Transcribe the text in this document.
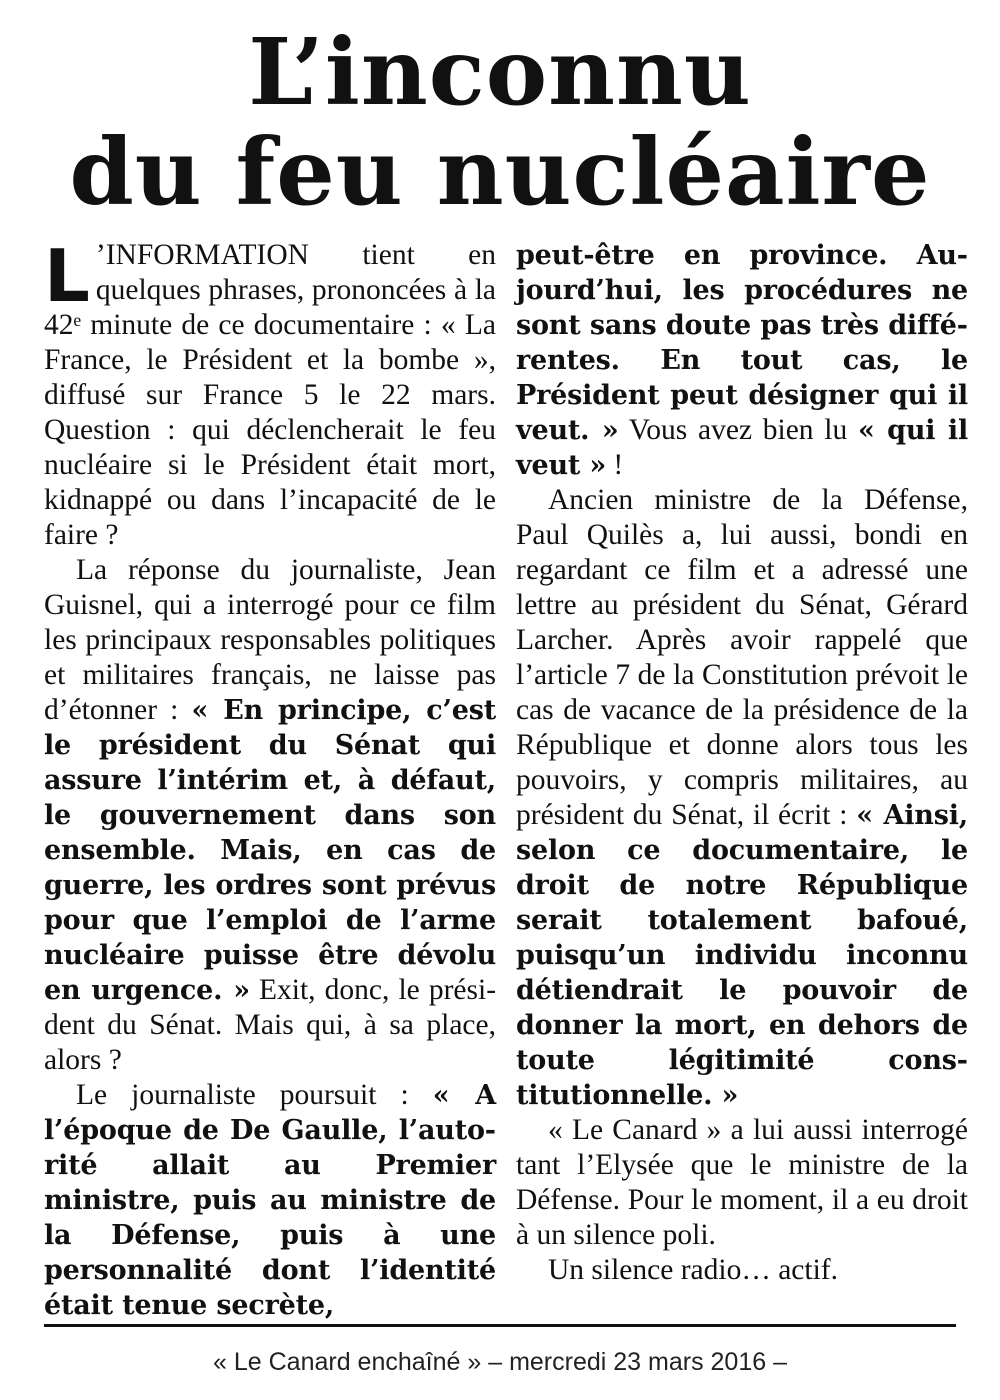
L’inconnu
du feu nucléaire

L ’INFORMATION tient en quelques phrases, prononcées à la 42ᵉ minute de ce documentaire : « La France, le Président et la bombe », diffusé sur France 5 le 22 mars. Question : qui déclencherait le feu nucléaire si le Président était mort, kidnappé ou dans l’incapacité de le faire ?

La réponse du journaliste, Jean Guisnel, qui a interrogé pour ce film les principaux responsables politiques et militaires français, ne laisse pas d’étonner : « En principe, c’est le président du Sénat qui assure l’intérim et, à défaut, le gouvernement dans son ensemble. Mais, en cas de guerre, les ordres sont prévus pour que l’emploi de l’arme nucléaire puisse être dévolu en urgence. » Exit, donc, le président du Sénat. Mais qui, à sa place, alors ?

Le journaliste poursuit : « A l’époque de De Gaulle, l’autorité allait au Premier ministre, puis au ministre de la Défense, puis à une personnalité dont l’identité était tenue secrète,

peut-être en province. Aujourd’hui, les procédures ne sont sans doute pas très différentes. En tout cas, le Président peut désigner qui il veut. » Vous avez bien lu « qui il veut » !

Ancien ministre de la Défense, Paul Quilès a, lui aussi, bondi en regardant ce film et a adressé une lettre au président du Sénat, Gérard Larcher. Après avoir rappelé que l’article 7 de la Constitution prévoit le cas de vacance de la présidence de la République et donne alors tous les pouvoirs, y compris militaires, au président du Sénat, il écrit : « Ainsi, selon ce documentaire, le droit de notre République serait totalement bafoué, puisqu’un individu inconnu détiendrait le pouvoir de donner la mort, en dehors de toute légitimité constitutionnelle. »

« Le Canard » a lui aussi interrogé tant l’Elysée que le ministre de la Défense. Pour le moment, il a eu droit à un silence poli.

Un silence radio… actif.

« Le Canard enchaîné » – mercredi 23 mars 2016 –
